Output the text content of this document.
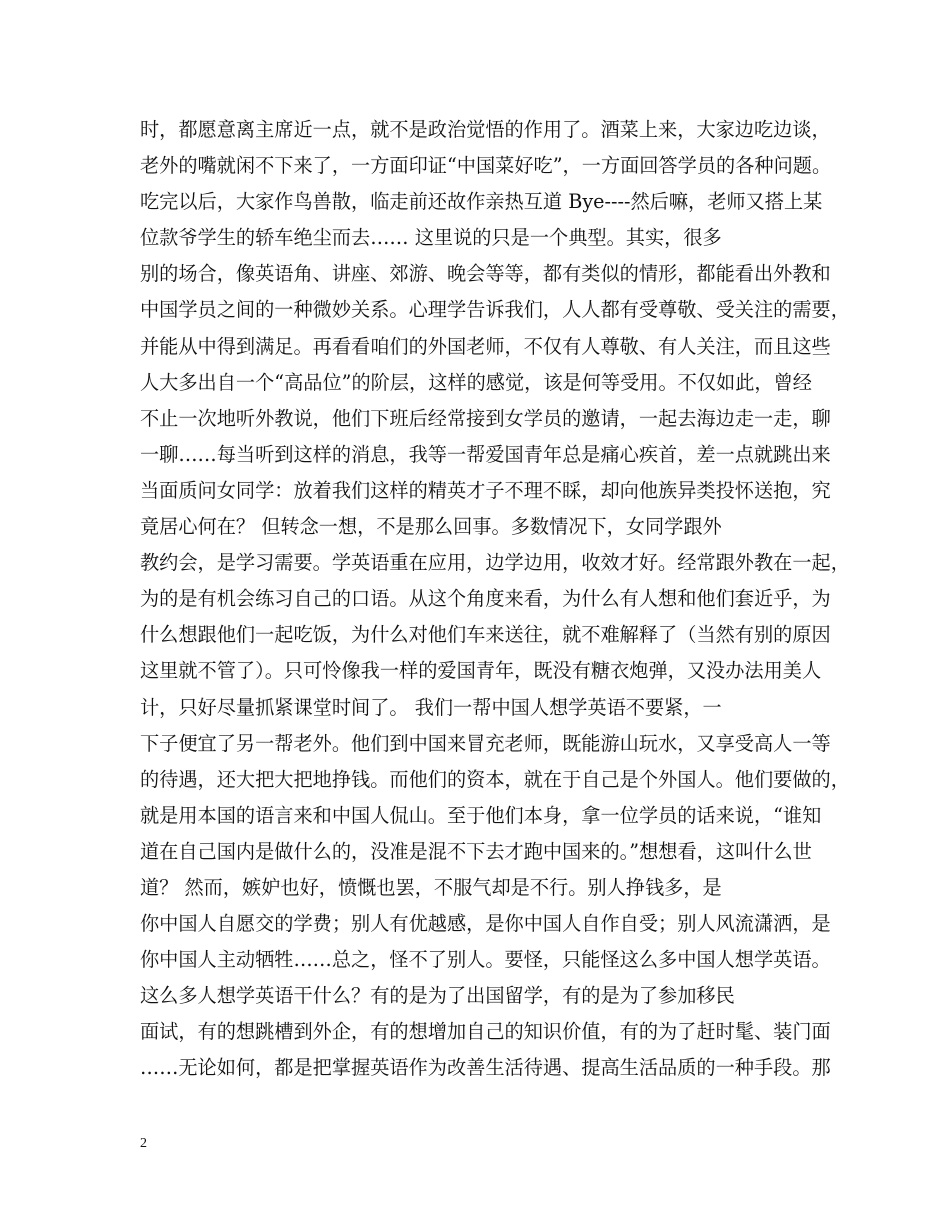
时，都愿意离主席近一点，就不是政治觉悟的作用了。酒菜上来，大家边吃边谈，
老外的嘴就闲不下来了，一方面印证“中国菜好吃”，一方面回答学员的各种问题。
吃完以后，大家作鸟兽散，临走前还故作亲热互道 Bye----然后嘛，老师又搭上某
位款爷学生的轿车绝尘而去…… 这里说的只是一个典型。其实，很多
别的场合，像英语角、讲座、郊游、晚会等等，都有类似的情形，都能看出外教和
中国学员之间的一种微妙关系。心理学告诉我们，人人都有受尊敬、受关注的需要，
并能从中得到满足。再看看咱们的外国老师，不仅有人尊敬、有人关注，而且这些
人大多出自一个“高品位”的阶层，这样的感觉，该是何等受用。不仅如此，曾经
不止一次地听外教说，他们下班后经常接到女学员的邀请，一起去海边走一走，聊
一聊……每当听到这样的消息，我等一帮爱国青年总是痛心疾首，差一点就跳出来
当面质问女同学：放着我们这样的精英才子不理不睬，却向他族异类投怀送抱，究
竟居心何在？ 但转念一想，不是那么回事。多数情况下，女同学跟外
教约会，是学习需要。学英语重在应用，边学边用，收效才好。经常跟外教在一起，
为的是有机会练习自己的口语。从这个角度来看，为什么有人想和他们套近乎，为
什么想跟他们一起吃饭，为什么对他们车来送往，就不难解释了（当然有别的原因
这里就不管了）。只可怜像我一样的爱国青年，既没有糖衣炮弹，又没办法用美人
计，只好尽量抓紧课堂时间了。 我们一帮中国人想学英语不要紧，一
下子便宜了另一帮老外。他们到中国来冒充老师，既能游山玩水，又享受高人一等
的待遇，还大把大把地挣钱。而他们的资本，就在于自己是个外国人。他们要做的，
就是用本国的语言来和中国人侃山。至于他们本身，拿一位学员的话来说，“谁知
道在自己国内是做什么的，没准是混不下去才跑中国来的。”想想看，这叫什么世
道？ 然而，嫉妒也好，愤慨也罢，不服气却是不行。别人挣钱多，是
你中国人自愿交的学费；别人有优越感，是你中国人自作自受；别人风流潇洒，是
你中国人主动牺牲……总之，怪不了别人。要怪，只能怪这么多中国人想学英语。
这么多人想学英语干什么？有的是为了出国留学，有的是为了参加移民
面试，有的想跳槽到外企，有的想增加自己的知识价值，有的为了赶时髦、装门面
……无论如何，都是把掌握英语作为改善生活待遇、提高生活品质的一种手段。那
2
